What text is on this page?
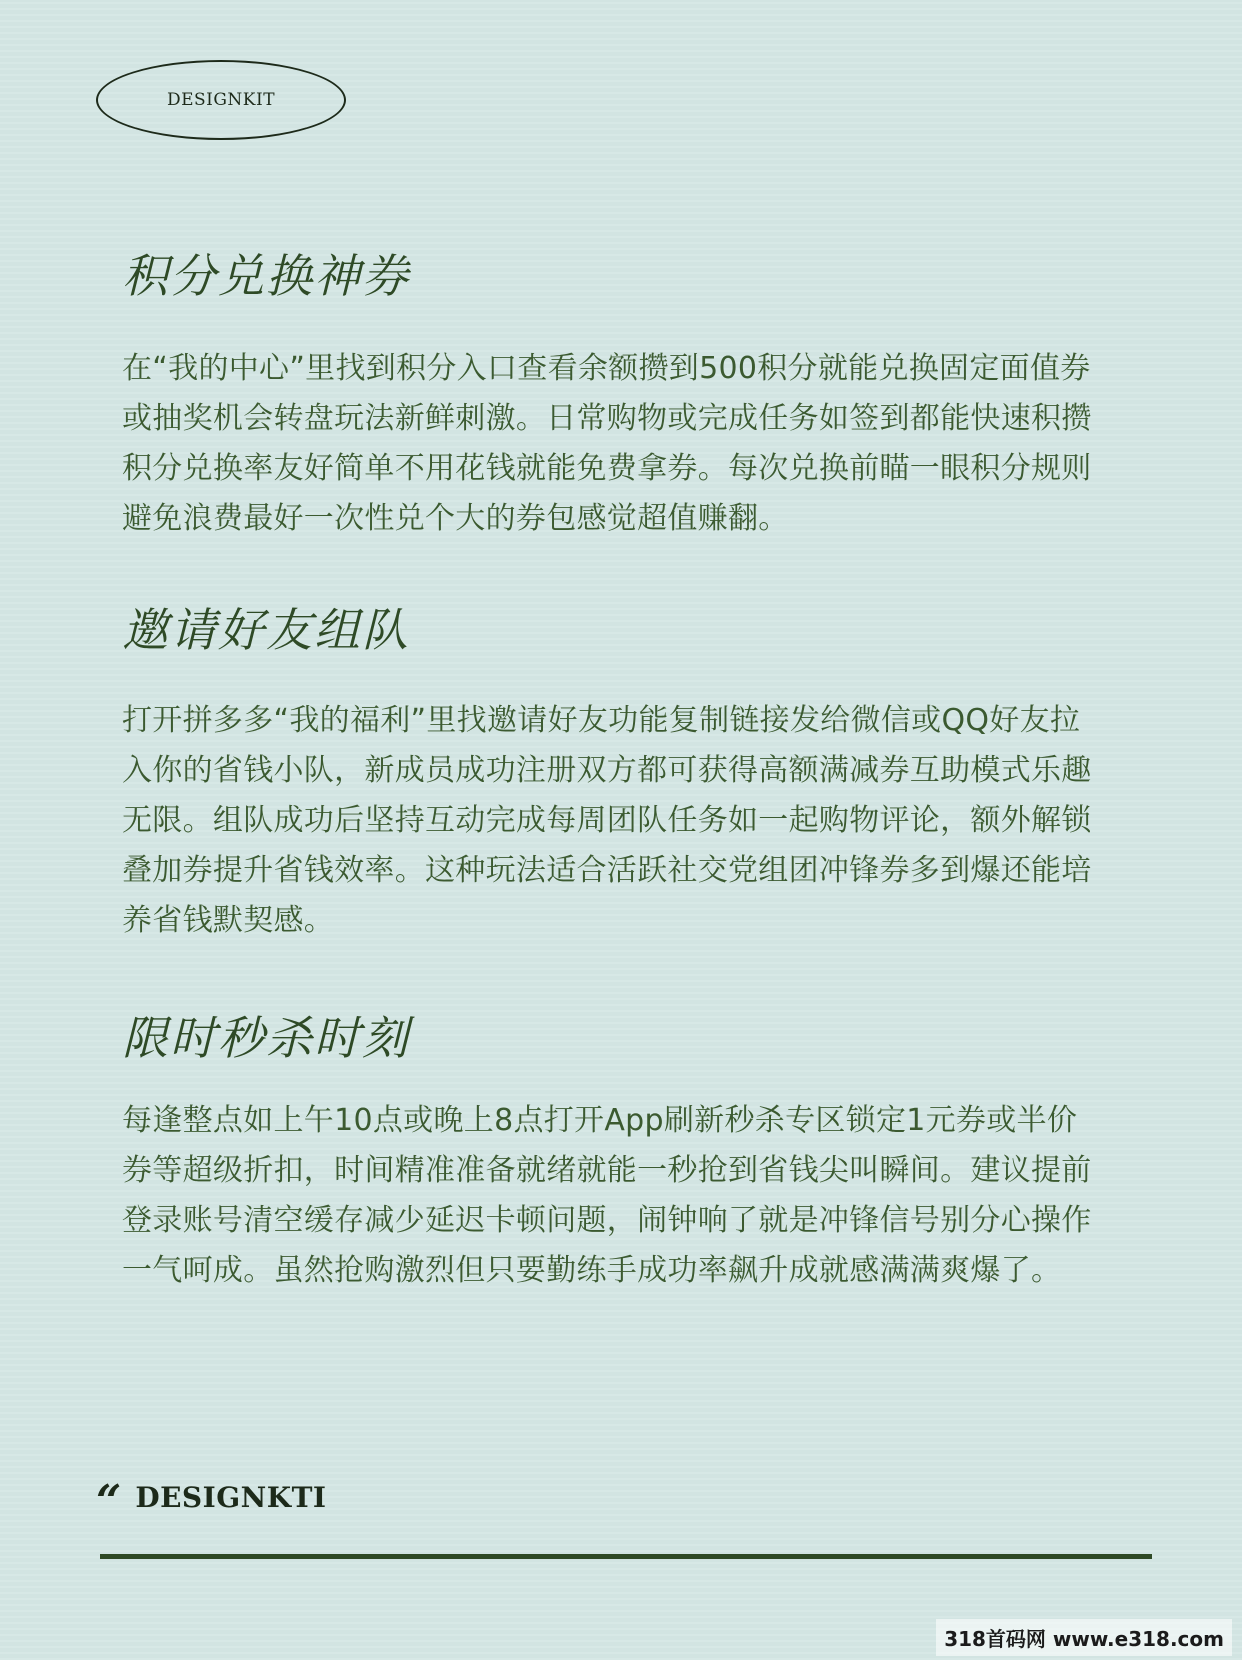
DESIGNKIT
积分兑换神券

在“我的中心”里找到积分入口查看余额攒到500积分就能兑换固定面值券或抽奖机会转盘玩法新鲜刺激。日常购物或完成任务如签到都能快速积攒积分兑换率友好简单不用花钱就能免费拿券。每次兑换前瞄一眼积分规则避免浪费最好一次性兑个大的券包感觉超值赚翻。

邀请好友组队

打开拼多多“我的福利”里找邀请好友功能复制链接发给微信或QQ好友拉入你的省钱小队，新成员成功注册双方都可获得高额满减券互助模式乐趣无限。组队成功后坚持互动完成每周团队任务如一起购物评论，额外解锁叠加券提升省钱效率。这种玩法适合活跃社交党组团冲锋券多到爆还能培养省钱默契感。

限时秒杀时刻

每逢整点如上午10点或晚上8点打开App刷新秒杀专区锁定1元券或半价券等超级折扣，时间精准准备就绪就能一秒抢到省钱尖叫瞬间。建议提前登录账号清空缓存减少延迟卡顿问题，闹钟响了就是冲锋信号别分心操作一气呵成。虽然抢购激烈但只要勤练手成功率飙升成就感满满爽爆了。

“ DESIGNKTI
318首码网 www.e318.com
